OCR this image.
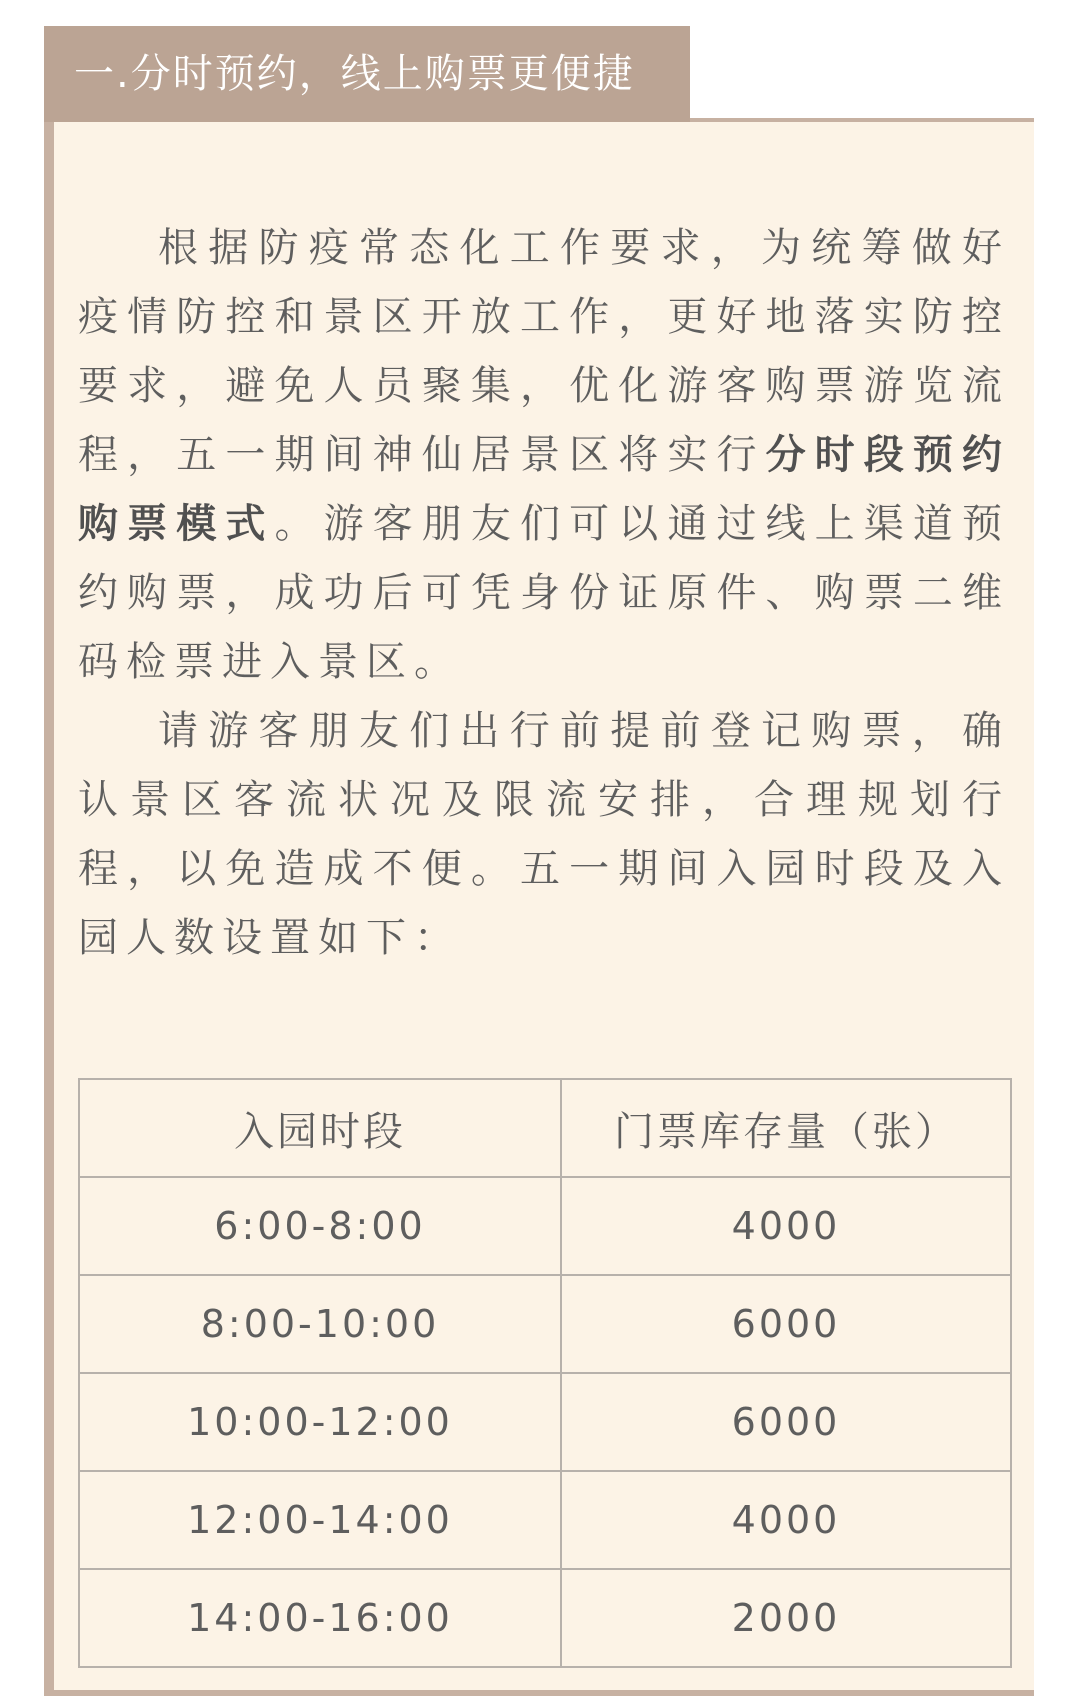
一.分时预约，线上购票更便捷

根据防疫常态化工作要求，为统筹做好疫情防控和景区开放工作，更好地落实防控要求，避免人员聚集，优化游客购票游览流程，五一期间神仙居景区将实行分时段预约购票模式。游客朋友们可以通过线上渠道预约购票，成功后可凭身份证原件、购票二维码检票进入景区。

请游客朋友们出行前提前登记购票，确认景区客流状况及限流安排，合理规划行程，以免造成不便。五一期间入园时段及入园人数设置如下：

入园时段	门票库存量（张）
6:00-8:00	4000
8:00-10:00	6000
10:00-12:00	6000
12:00-14:00	4000
14:00-16:00	2000
